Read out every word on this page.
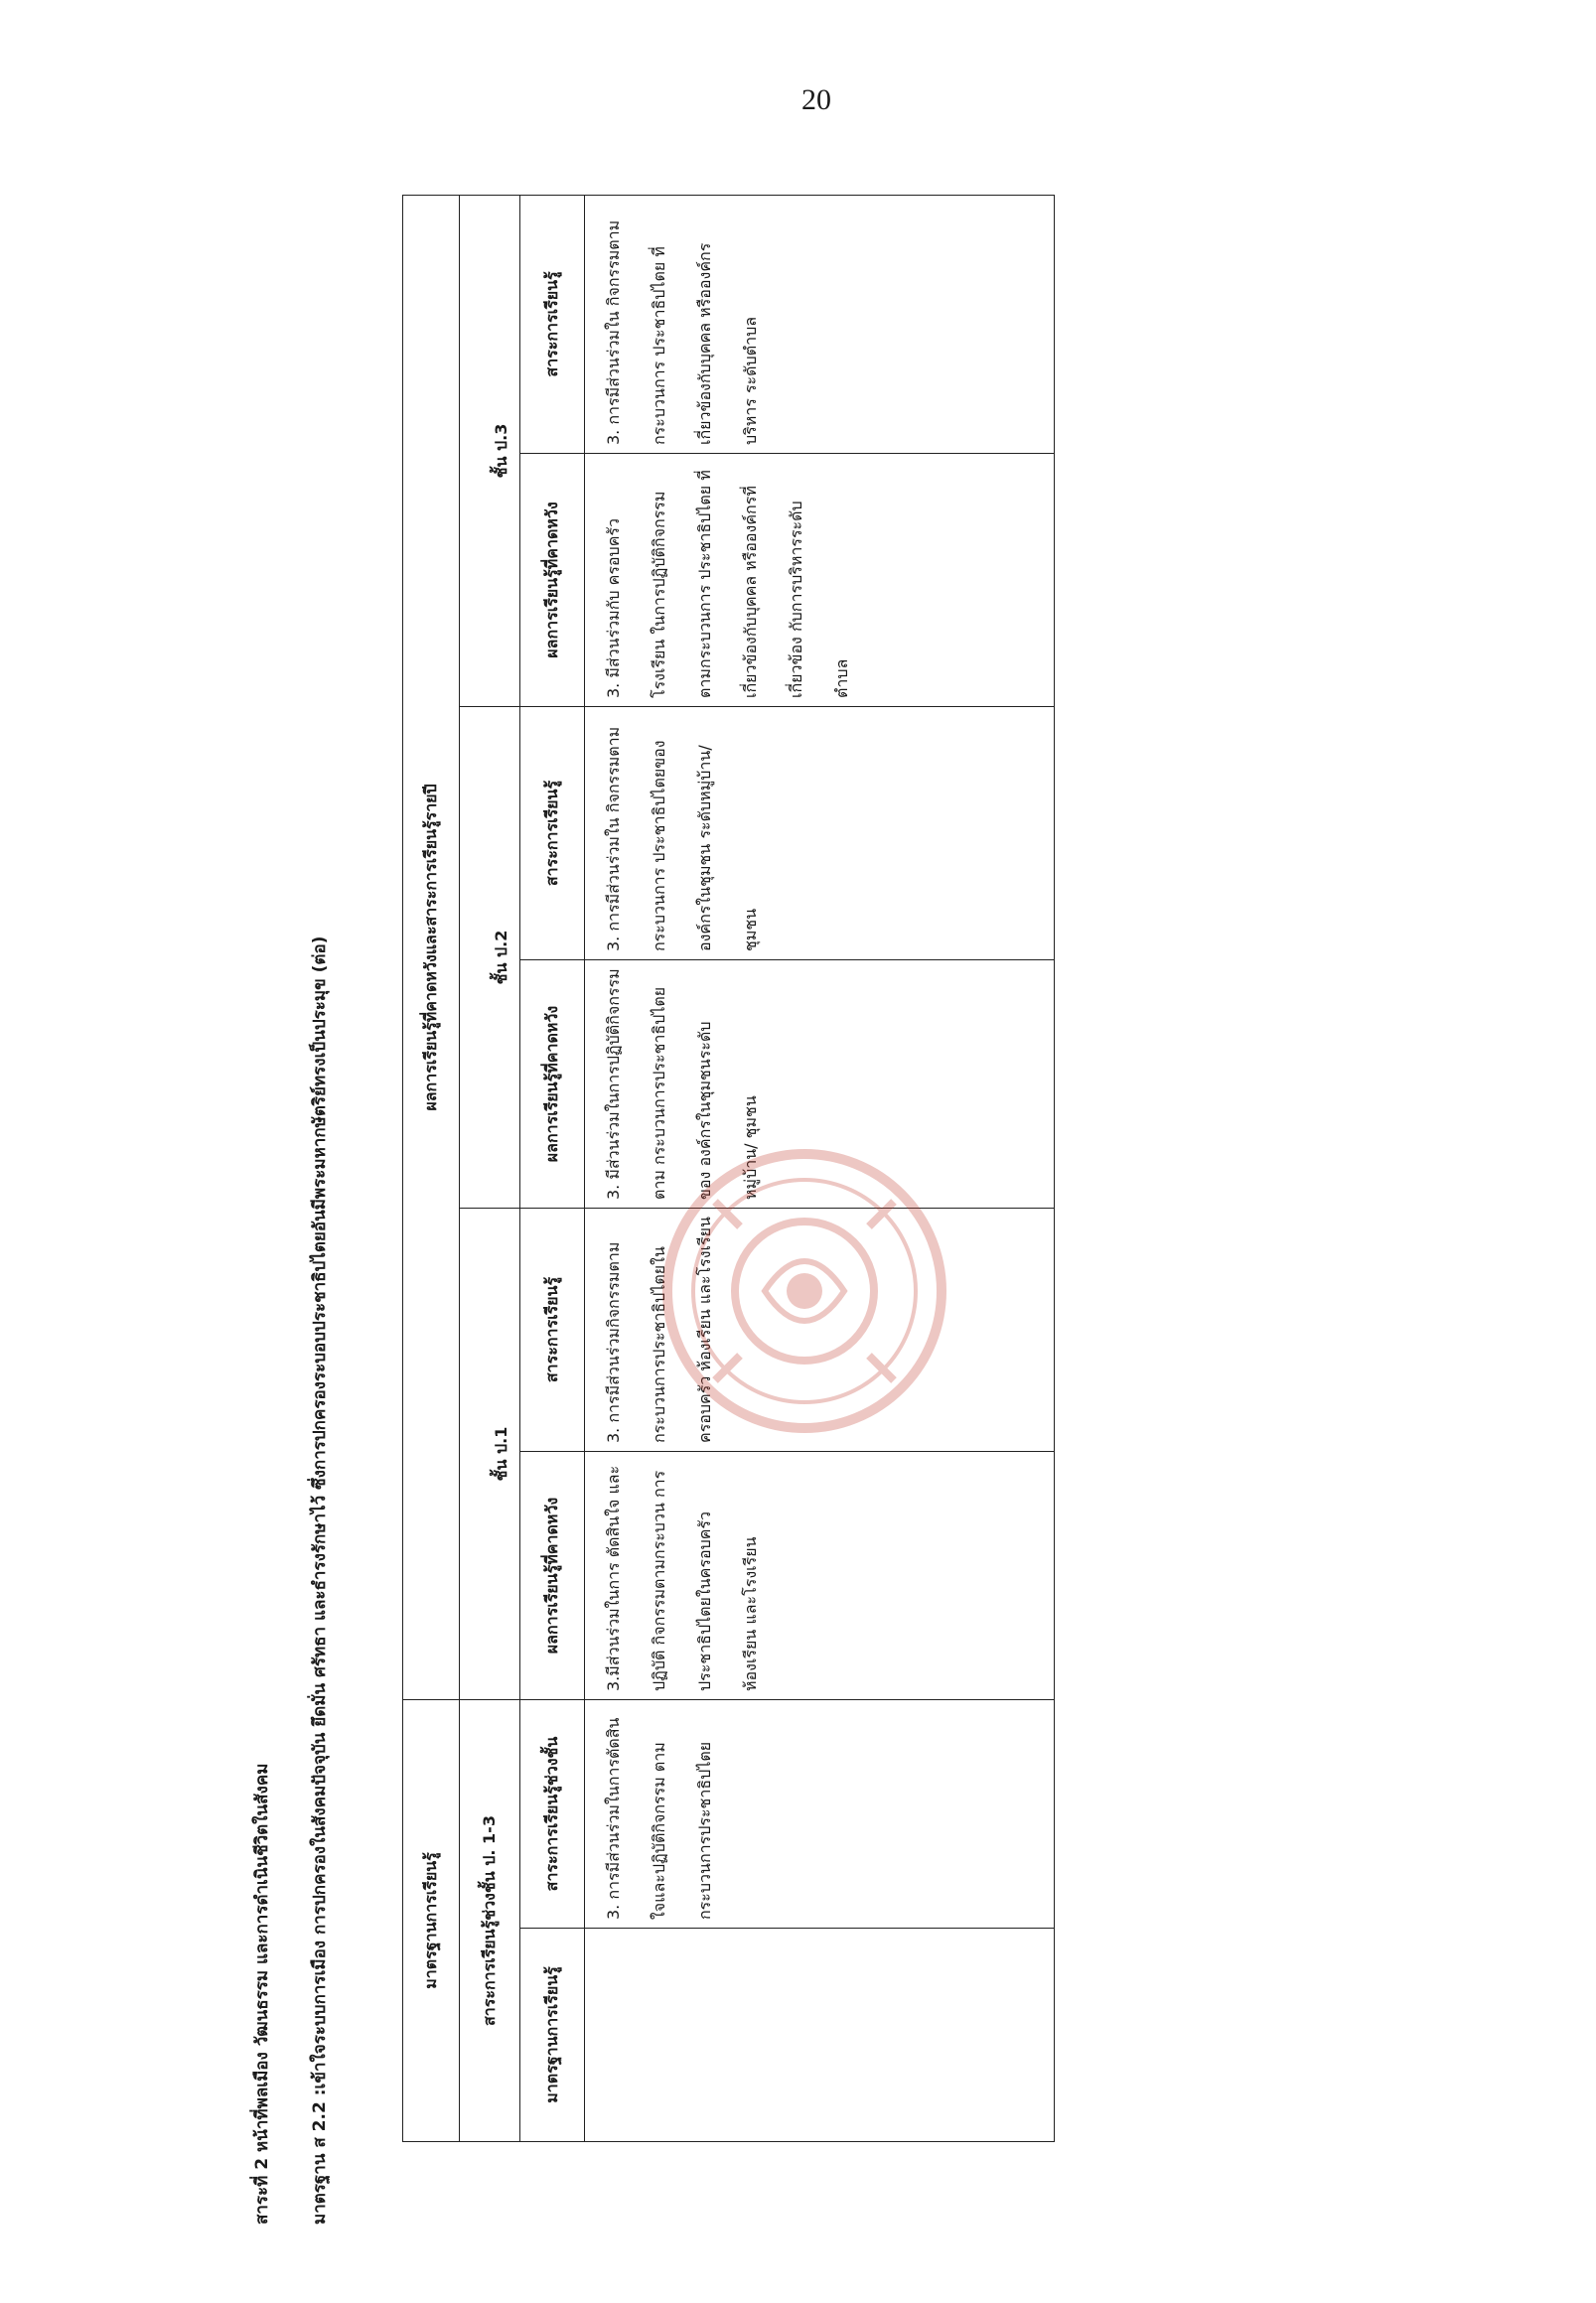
20
สาระที่ 2 หน้าที่พลเมือง วัฒนธรรม และการดำเนินชีวิตในสังคม มาตรฐาน ส 2.2 :เข้าใจระบบการเมือง การปกครองในสังคมปัจจุบัน ยึดมั่น ศรัทธา และธำรงรักษาไว้ ซึ่งการปกครองระบอบประชาธิปไตยอันมีพระมหากษัตริย์ทรงเป็นประมุข (ต่อ)	มาตรฐานการเรียนรู้		ผลการเรียนรู้ที่คาดหวังและสาระการเรียนรู้รายปี					
สาระการเรียนรู้ช่วงชั้น ป. 1-3		ชั้น ป.1		ชั้น ป.2		ชั้น ป.3	
มาตรฐานการเรียนรู้	สาระการเรียนรู้ช่วงชั้น	ผลการเรียนรู้ที่คาดหวัง	สาระการเรียนรู้	ผลการเรียนรู้ที่คาดหวัง	สาระการเรียนรู้	ผลการเรียนรู้ที่คาดหวัง	สาระการเรียนรู้
	3. การมีส่วนร่วมในการตัดสินใจและปฏิบัติกิจกรรม ตามกระบวนการประชาธิปไตย	3.มีส่วนร่วมในการ ตัดสินใจ และปฏิบัติ กิจกรรมตามกระบวน การประชาธิปไตยในครอบครัว ห้องเรียน และโรงเรียน	3. การมีส่วนร่วมกิจกรรมตาม กระบวนการประชาธิปไตยใน ครอบครัว ห้องเรียน และโรงเรียน	3. มีส่วนร่วมในการปฏิบัติกิจกรรมตาม กระบวนการประชาธิปไตยของ องค์กรในชุมชนระดับหมู่บ้าน/ ชุมชน	3. การมีส่วนร่วมใน กิจกรรมตาม กระบวนการ ประชาธิปไตยของ องค์กรในชุมชน ระดับหมู่บ้าน/ ชุมชน	3. มีส่วนร่วมกับ ครอบครัว โรงเรียน ในการปฏิบัติกิจกรรม ตามกระบวนการ ประชาธิปไตย ที่เกี่ยวข้องกับบุคคล หรือองค์กรที่เกี่ยวข้อง กับการบริหารระดับ ตำบล	3. การมีส่วนร่วมใน กิจกรรมตาม กระบวนการ ประชาธิปไตย ที่เกี่ยวข้องกับบุคคล หรือองค์กรบริหาร ระดับตำบล
